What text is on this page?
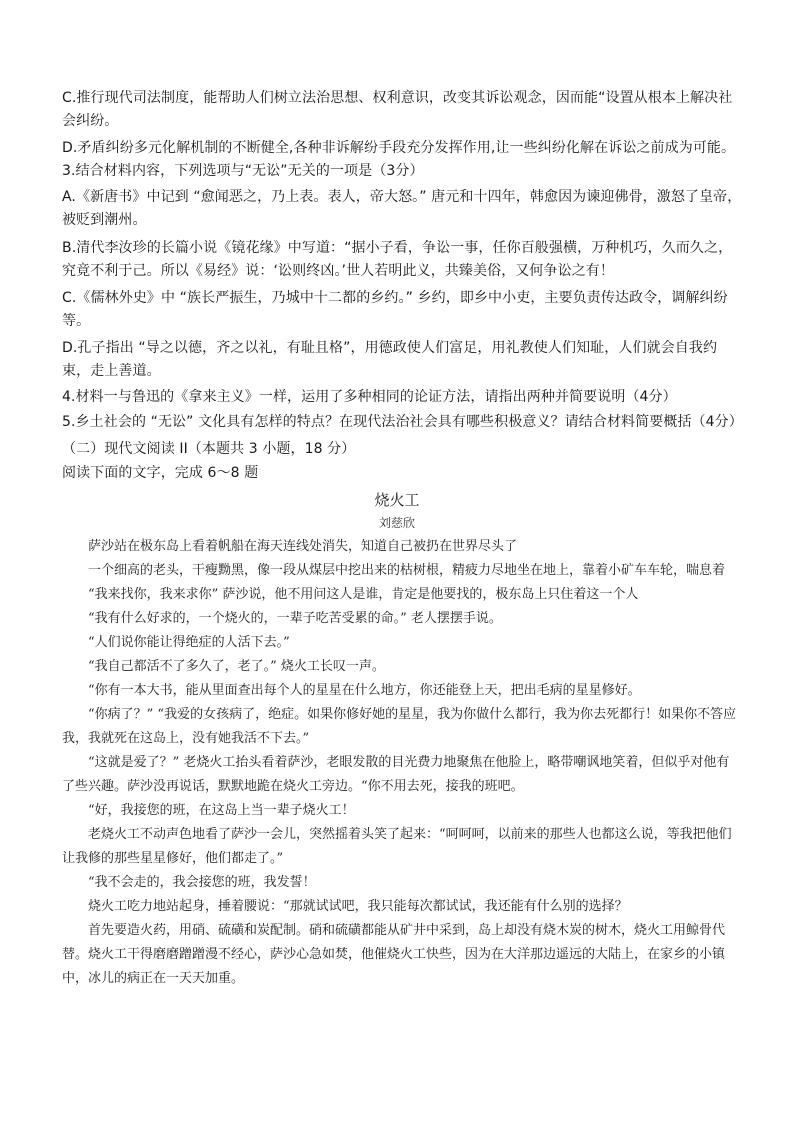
C.推行现代司法制度，能帮助人们树立法治思想、权利意识，改变其诉讼观念，因而能“设置从根本上解决社会纠纷。

D.矛盾纠纷多元化解机制的不断健全,各种非诉解纷手段充分发挥作用,让一些纠纷化解在诉讼之前成为可能。

3.结合材料内容，下列选项与“无讼”无关的一项是（3分）

A.《新唐书》中记到 “愈闻恶之，乃上表。表人，帝大怒。” 唐元和十四年，韩愈因为谏迎佛骨，激怒了皇帝，被贬到潮州。

B.清代李汝珍的长篇小说《镜花缘》中写道：“据小子看，争讼一事，任你百般强横，万种机巧，久而久之，究竟不利于己。所以《易经》说：‘讼则终凶。’世人若明此义，共臻美俗，又何争讼之有！

C.《儒林外史》中 “族长严振生，乃城中十二都的乡约。” 乡约，即乡中小吏，主要负责传达政令，调解纠纷等。

D.孔子指出 “导之以德，齐之以礼，有耻且格”，用德政使人们富足，用礼教使人们知耻，人们就会自我约束，走上善道。

4.材料一与鲁迅的《拿来主义》一样，运用了多种相同的论证方法，请指出两种并简要说明（4分）

5.乡土社会的 “无讼” 文化具有怎样的特点？在现代法治社会具有哪些积极意义？请结合材料简要概括（4分）

（二）现代文阅读 II（本题共 3 小题，18 分）

阅读下面的文字，完成 6～8 题

烧火工
刘慈欣

萨沙站在极东岛上看着帆船在海天连线处消失，知道自己被扔在世界尽头了

一个细高的老头，干瘦黝黑，像一段从煤层中挖出来的枯树根，精疲力尽地坐在地上，靠着小矿车车轮，喘息着

“我来找你，我来求你” 萨沙说，他不用问这人是谁，肯定是他要找的，极东岛上只住着这一个人

“我有什么好求的，一个烧火的，一辈子吃苦受累的命。” 老人摆摆手说。

“人们说你能让得绝症的人活下去。”

“我自己都活不了多久了，老了。” 烧火工长叹一声。

“你有一本大书，能从里面查出每个人的星星在什么地方，你还能登上天，把出毛病的星星修好。

“你病了？” “我爱的女孩病了，绝症。如果你修好她的星星，我为你做什么都行，我为你去死都行！如果你不答应我，我就死在这岛上，没有她我活不下去。”

“这就是爱了？” 老烧火工抬头看着萨沙，老眼发散的目光费力地聚焦在他脸上，略带嘲讽地笑着，但似乎对他有了些兴趣。萨沙没再说话，默默地跪在烧火工旁边。“你不用去死，接我的班吧。

“好，我接您的班，在这岛上当一辈子烧火工！

老烧火工不动声色地看了萨沙一会儿，突然摇着头笑了起来：“呵呵呵，以前来的那些人也都这么说，等我把他们让我修的那些星星修好，他们都走了。”

“我不会走的，我会接您的班，我发誓！

烧火工吃力地站起身，捶着腰说：“那就试试吧，我只能每次都试试，我还能有什么别的选择？

首先要造火药，用硝、硫磺和炭配制。硝和硫磺都能从矿井中采到，岛上却没有烧木炭的树木，烧火工用鲸骨代替。烧火工干得磨磨蹭蹭漫不经心，萨沙心急如焚，他催烧火工快些，因为在大洋那边遥远的大陆上，在家乡的小镇中，冰儿的病正在一天天加重。
